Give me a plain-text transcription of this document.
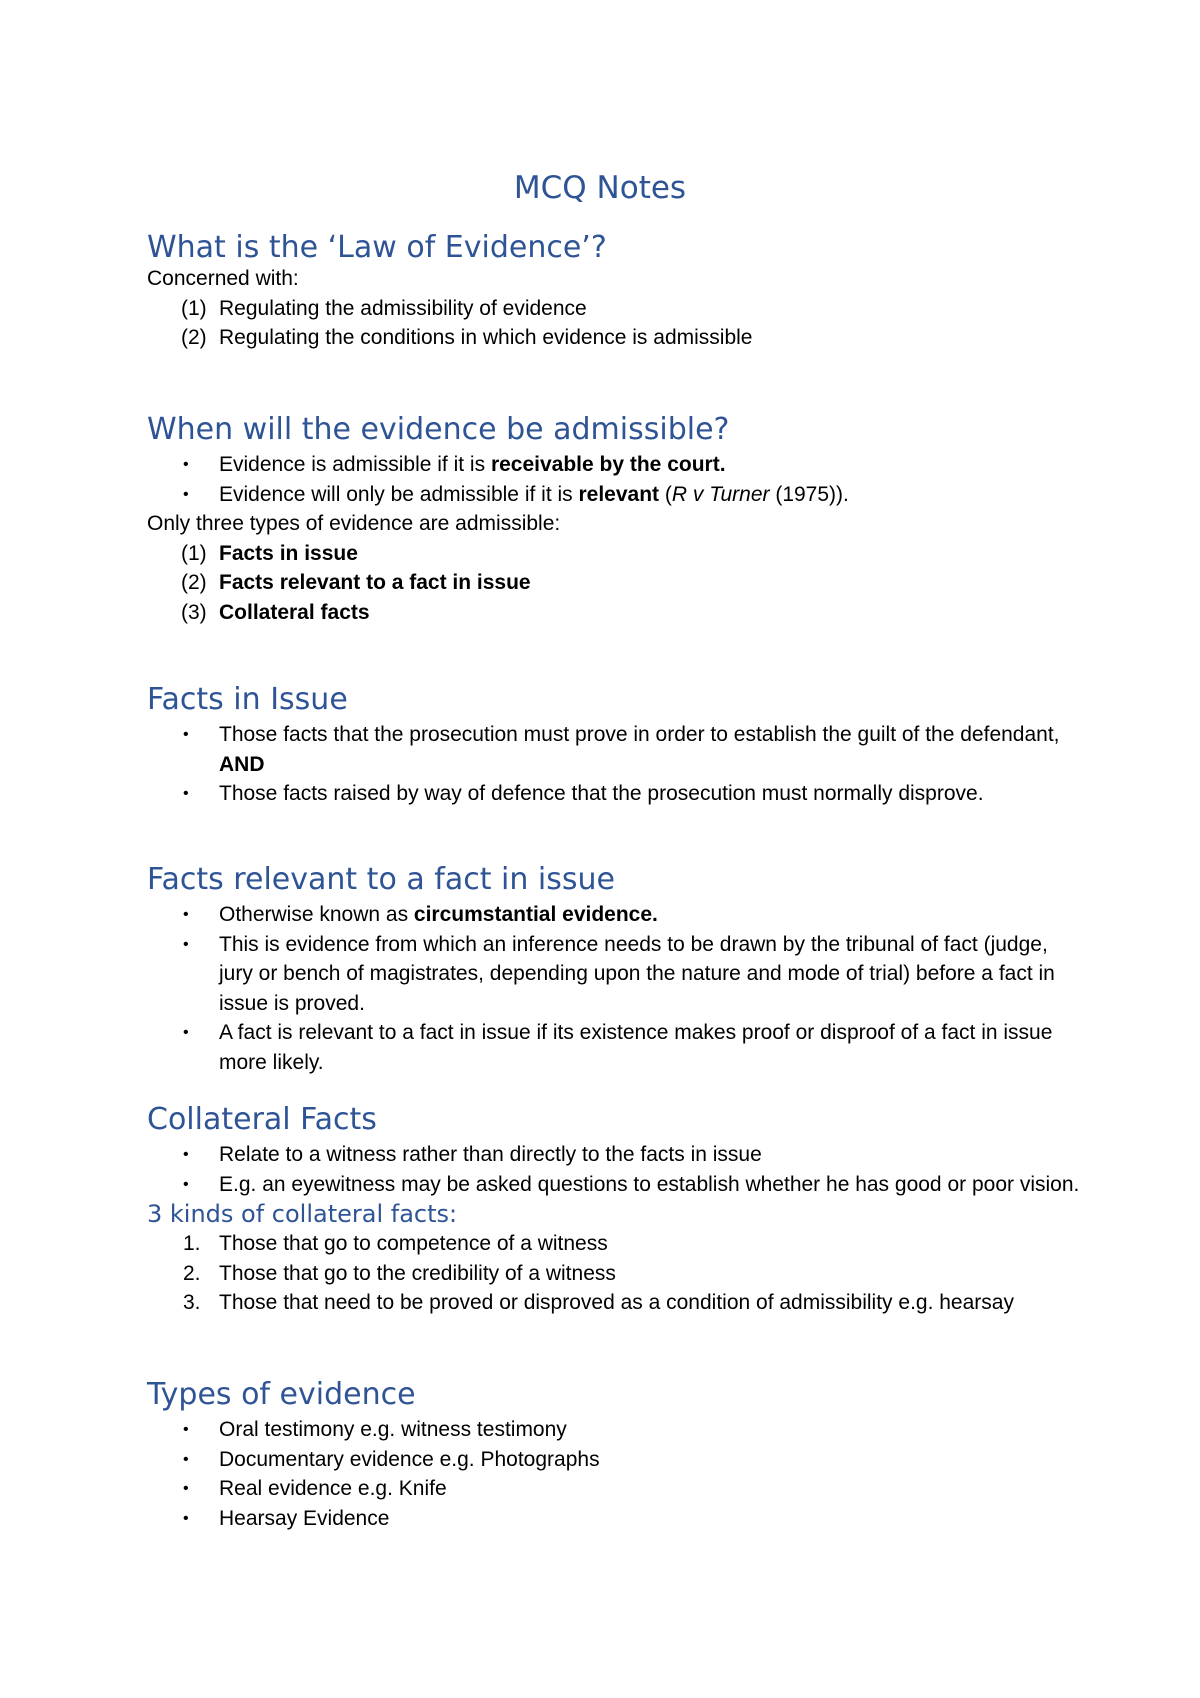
MCQ Notes
What is the ‘Law of Evidence’?

Concerned with:

(1) Regulating the admissibility of evidence
(2) Regulating the conditions in which evidence is admissible
When will the evidence be admissible?
• Evidence is admissible if it is receivable by the court.
• Evidence will only be admissible if it is relevant (R v Turner (1975)).

Only three types of evidence are admissible:

(1) Facts in issue
(2) Facts relevant to a fact in issue
(3) Collateral facts
Facts in Issue
• Those facts that the prosecution must prove in order to establish the guilt of the defendant, AND
• Those facts raised by way of defence that the prosecution must normally disprove.
Facts relevant to a fact in issue
• Otherwise known as circumstantial evidence.
• This is evidence from which an inference needs to be drawn by the tribunal of fact (judge, jury or bench of magistrates, depending upon the nature and mode of trial) before a fact in issue is proved.
• A fact is relevant to a fact in issue if its existence makes proof or disproof of a fact in issue more likely.
Collateral Facts
• Relate to a witness rather than directly to the facts in issue
• E.g. an eyewitness may be asked questions to establish whether he has good or poor vision.
3 kinds of collateral facts:
1. Those that go to competence of a witness
2. Those that go to the credibility of a witness
3. Those that need to be proved or disproved as a condition of admissibility e.g. hearsay
Types of evidence
• Oral testimony e.g. witness testimony
• Documentary evidence e.g. Photographs
• Real evidence e.g. Knife
• Hearsay Evidence
